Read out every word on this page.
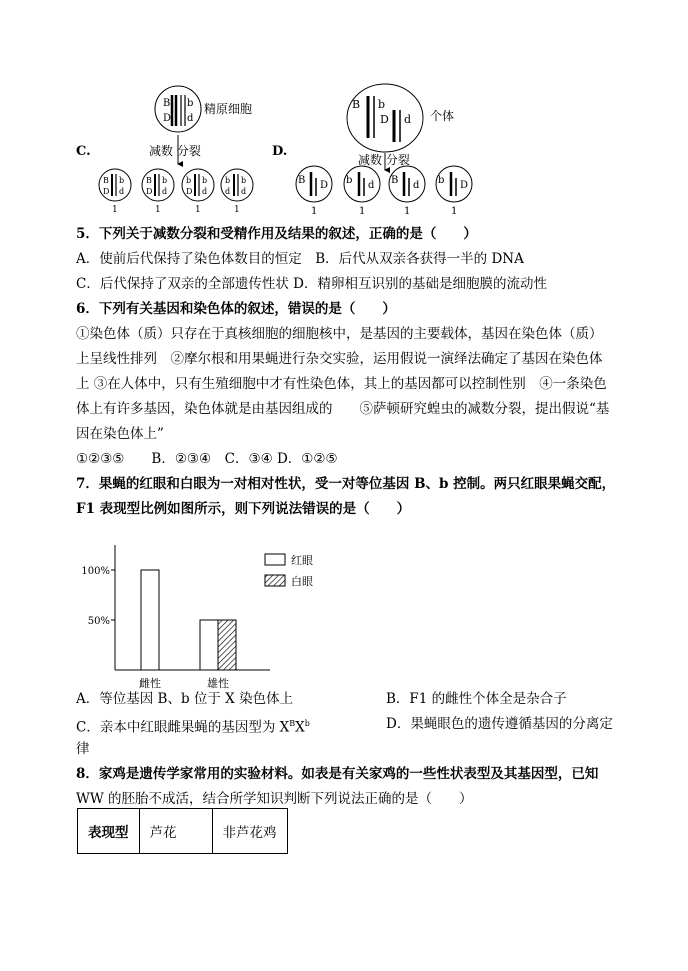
C.
B b
D d
精原细胞
减数 分裂
B b
D d
1
B b
D d
1
b b
D d
1
b b
d d
1
D.
B b
D d 个体
减数 分裂
B D
1
b d
1
B d
1
b D
1
5．下列关于减数分裂和受精作用及结果的叙述，正确的是（　　）
A．使前后代保持了染色体数目的恒定　B．后代从双亲各获得一半的 DNA
C．后代保持了双亲的全部遗传性状 D．精卵相互识别的基础是细胞膜的流动性
6．下列有关基因和染色体的叙述，错误的是（　　）
①染色体（质）只存在于真核细胞的细胞核中，是基因的主要载体，基因在染色体（质）
上呈线性排列　②摩尔根和用果蝇进行杂交实验，运用假说一演绎法确定了基因在染色体
上 ③在人体中，只有生殖细胞中才有性染色体，其上的基因都可以控制性别　④一条染色
体上有许多基因，染色体就是由基因组成的　　⑤萨顿研究蝗虫的减数分裂，提出假说“基
因在染色体上”
①②③⑤　　B．②③④　C．③④ D．①②⑤
7．果蝇的红眼和白眼为一对相对性状，受一对等位基因 B、b 控制。两只红眼果蝇交配，
F1 表现型比例如图所示，则下列说法错误的是（　　）
100%
50%
雌性	雄性
红眼
白眼
A．等位基因 B、b 位于 X 染色体上	B．F1 的雌性个体全是杂合子
C．亲本中红眼雌果蝇的基因型为 $X^BX^b$	D．果蝇眼色的遗传遵循基因的分离定
律
8．家鸡是遗传学家常用的实验材料。如表是有关家鸡的一些性状表型及其基因型，已知
WW 的胚胎不成活，结合所学知识判断下列说法正确的是（　　）
表现型	芦花	非芦花鸡
